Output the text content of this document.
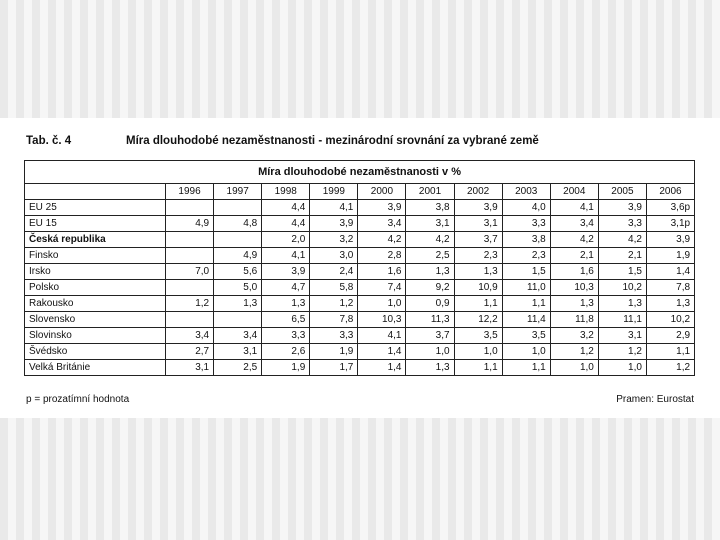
Tab. č. 4	Míra dlouhodobé nezaměstnanosti - mezinárodní srovnání za vybrané země
Míra dlouhodobé nezaměstnanosti v %											
	1996	1997	1998	1999	2000	2001	2002	2003	2004	2005	2006
EU 25			4,4	4,1	3,9	3,8	3,9	4,0	4,1	3,9	3,6p
EU 15	4,9	4,8	4,4	3,9	3,4	3,1	3,1	3,3	3,4	3,3	3,1p
Česká republika			2,0	3,2	4,2	4,2	3,7	3,8	4,2	4,2	3,9
Finsko		4,9	4,1	3,0	2,8	2,5	2,3	2,3	2,1	2,1	1,9
Irsko	7,0	5,6	3,9	2,4	1,6	1,3	1,3	1,5	1,6	1,5	1,4
Polsko		5,0	4,7	5,8	7,4	9,2	10,9	11,0	10,3	10,2	7,8
Rakousko	1,2	1,3	1,3	1,2	1,0	0,9	1,1	1,1	1,3	1,3	1,3
Slovensko			6,5	7,8	10,3	11,3	12,2	11,4	11,8	11,1	10,2
Slovinsko	3,4	3,4	3,3	3,3	4,1	3,7	3,5	3,5	3,2	3,1	2,9
Švédsko	2,7	3,1	2,6	1,9	1,4	1,0	1,0	1,0	1,2	1,2	1,1
Velká Británie	3,1	2,5	1,9	1,7	1,4	1,3	1,1	1,1	1,0	1,0	1,2
p = prozatímní hodnota	Pramen: Eurostat
